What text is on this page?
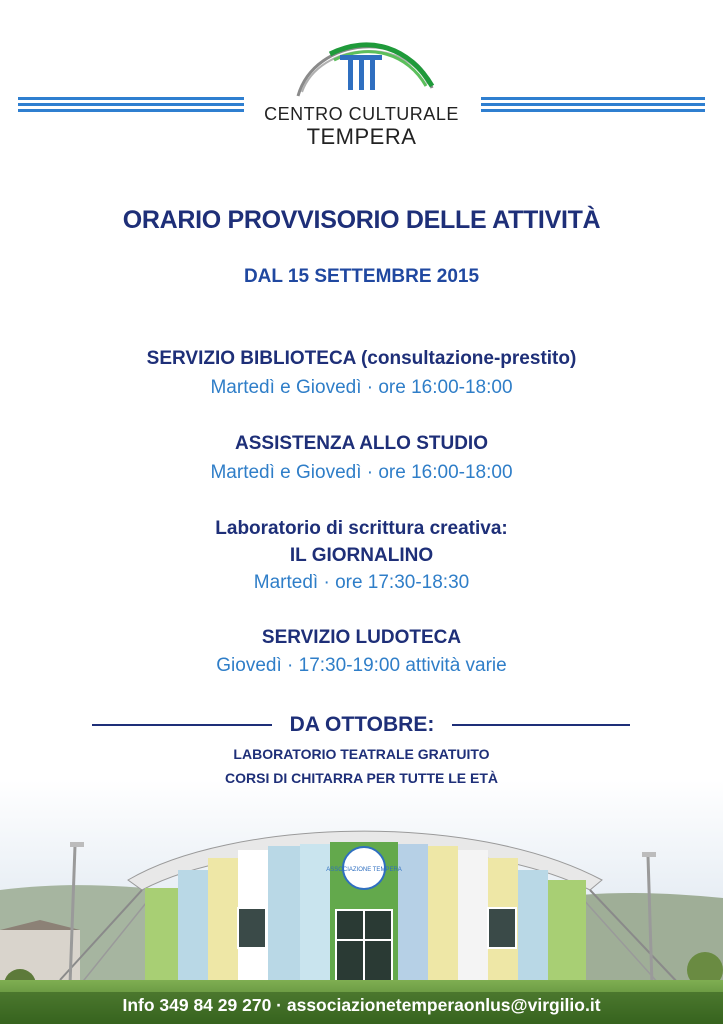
CENTRO CULTURALE
TEMPERA
ORARIO PROVVISORIO DELLE ATTIVITÀ
DAL 15 SETTEMBRE 2015
SERVIZIO BIBLIOTECA (consultazione-prestito)
Martedì e Giovedì · ore 16:00-18:00
ASSISTENZA ALLO STUDIO
Martedì e Giovedì · ore 16:00-18:00
Laboratorio di scrittura creativa:
IL GIORNALINO
Martedì · ore 17:30-18:30
SERVIZIO LUDOTECA
Giovedì · 17:30-19:00 attività varie
ASSOCIAZIONE TEMPERA
DA OTTOBRE:
LABORATORIO TEATRALE GRATUITO
CORSI DI CHITARRA PER TUTTE LE ETÀ
Info 349 84 29 270 · associazionetemperaonlus@virgilio.it
